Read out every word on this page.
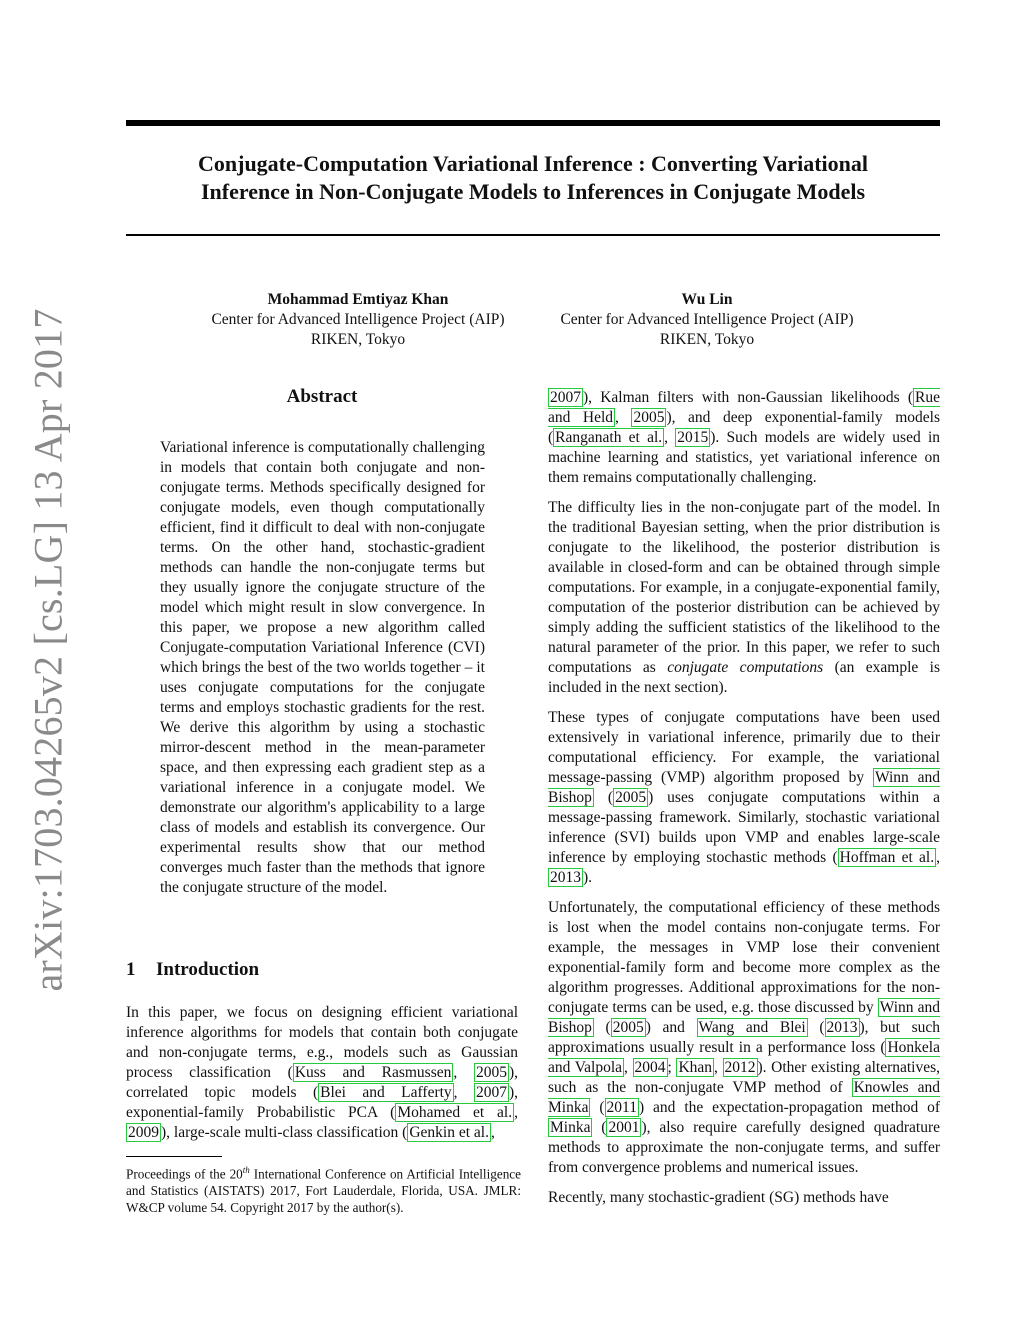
Conjugate-Computation Variational Inference : Converting Variational
Inference in Non-Conjugate Models to Inferences in Conjugate Models
Mohammad Emtiyaz Khan
Center for Advanced Intelligence Project (AIP)
RIKEN, Tokyo
Wu Lin
Center for Advanced Intelligence Project (AIP)
RIKEN, Tokyo
arXiv:1703.04265v2 [cs.LG] 13 Apr 2017	Abstract
Variational inference is computationally challenging in models that contain both conjugate and non-conjugate terms. Methods specifically designed for conjugate models, even though computationally efficient, find it difficult to deal with non-conjugate terms. On the other hand, stochastic-gradient methods can handle the non-conjugate terms but they usually ignore the conjugate structure of the model which might result in slow convergence. In this paper, we propose a new algorithm called Conjugate-computation Variational Inference (CVI) which brings the best of the two worlds together – it uses conjugate computations for the conjugate terms and employs stochastic gradients for the rest. We derive this algorithm by using a stochastic mirror-descent method in the mean-parameter space, and then expressing each gradient step as a variational inference in a conjugate model. We demonstrate our algorithm's applicability to a large class of models and establish its convergence. Our experimental results show that our method converges much faster than the methods that ignore the conjugate structure of the model.
1 Introduction
In this paper, we focus on designing efficient variational inference algorithms for models that contain both conjugate and non-conjugate terms, e.g., models such as Gaussian process classification ( Kuss and Rasmussen , 2005 ), correlated topic models ( Blei and Lafferty , 2007 ), exponential-family Probabilistic PCA ( Mohamed et al. , 2009 ), large-scale multi-class classification ( Genkin et al. ,
Proceedings of the 20th International Conference on Artificial Intelligence and Statistics (AISTATS) 2017, Fort Lauderdale, Florida, USA. JMLR: W&CP volume 54. Copyright 2017 by the author(s).

2007 ), Kalman filters with non-Gaussian likelihoods ( Rue and Held , 2005 ), and deep exponential-family models ( Ranganath et al. , 2015 ). Such models are widely used in machine learning and statistics, yet variational inference on them remains computationally challenging.

The difficulty lies in the non-conjugate part of the model. In the traditional Bayesian setting, when the prior distribution is conjugate to the likelihood, the posterior distribution is available in closed-form and can be obtained through simple computations. For example, in a conjugate-exponential family, computation of the posterior distribution can be achieved by simply adding the sufficient statistics of the likelihood to the natural parameter of the prior. In this paper, we refer to such computations as conjugate computations (an example is included in the next section).

These types of conjugate computations have been used extensively in variational inference, primarily due to their computational efficiency. For example, the variational message-passing (VMP) algorithm proposed by Winn and Bishop ( 2005 ) uses conjugate computations within a message-passing framework. Similarly, stochastic variational inference (SVI) builds upon VMP and enables large-scale inference by employing stochastic methods ( Hoffman et al. , 2013 ).

Unfortunately, the computational efficiency of these methods is lost when the model contains non-conjugate terms. For example, the messages in VMP lose their convenient exponential-family form and become more complex as the algorithm progresses. Additional approximations for the non-conjugate terms can be used, e.g. those discussed by Winn and Bishop ( 2005 ) and Wang and Blei ( 2013 ), but such approximations usually result in a performance loss ( Honkela and Valpola , 2004 ; Khan , 2012 ). Other existing alternatives, such as the non-conjugate VMP method of Knowles and Minka ( 2011 ) and the expectation-propagation method of Minka ( 2001 ), also require carefully designed quadrature methods to approximate the non-conjugate terms, and suffer from convergence problems and numerical issues.

Recently, many stochastic-gradient (SG) methods have
